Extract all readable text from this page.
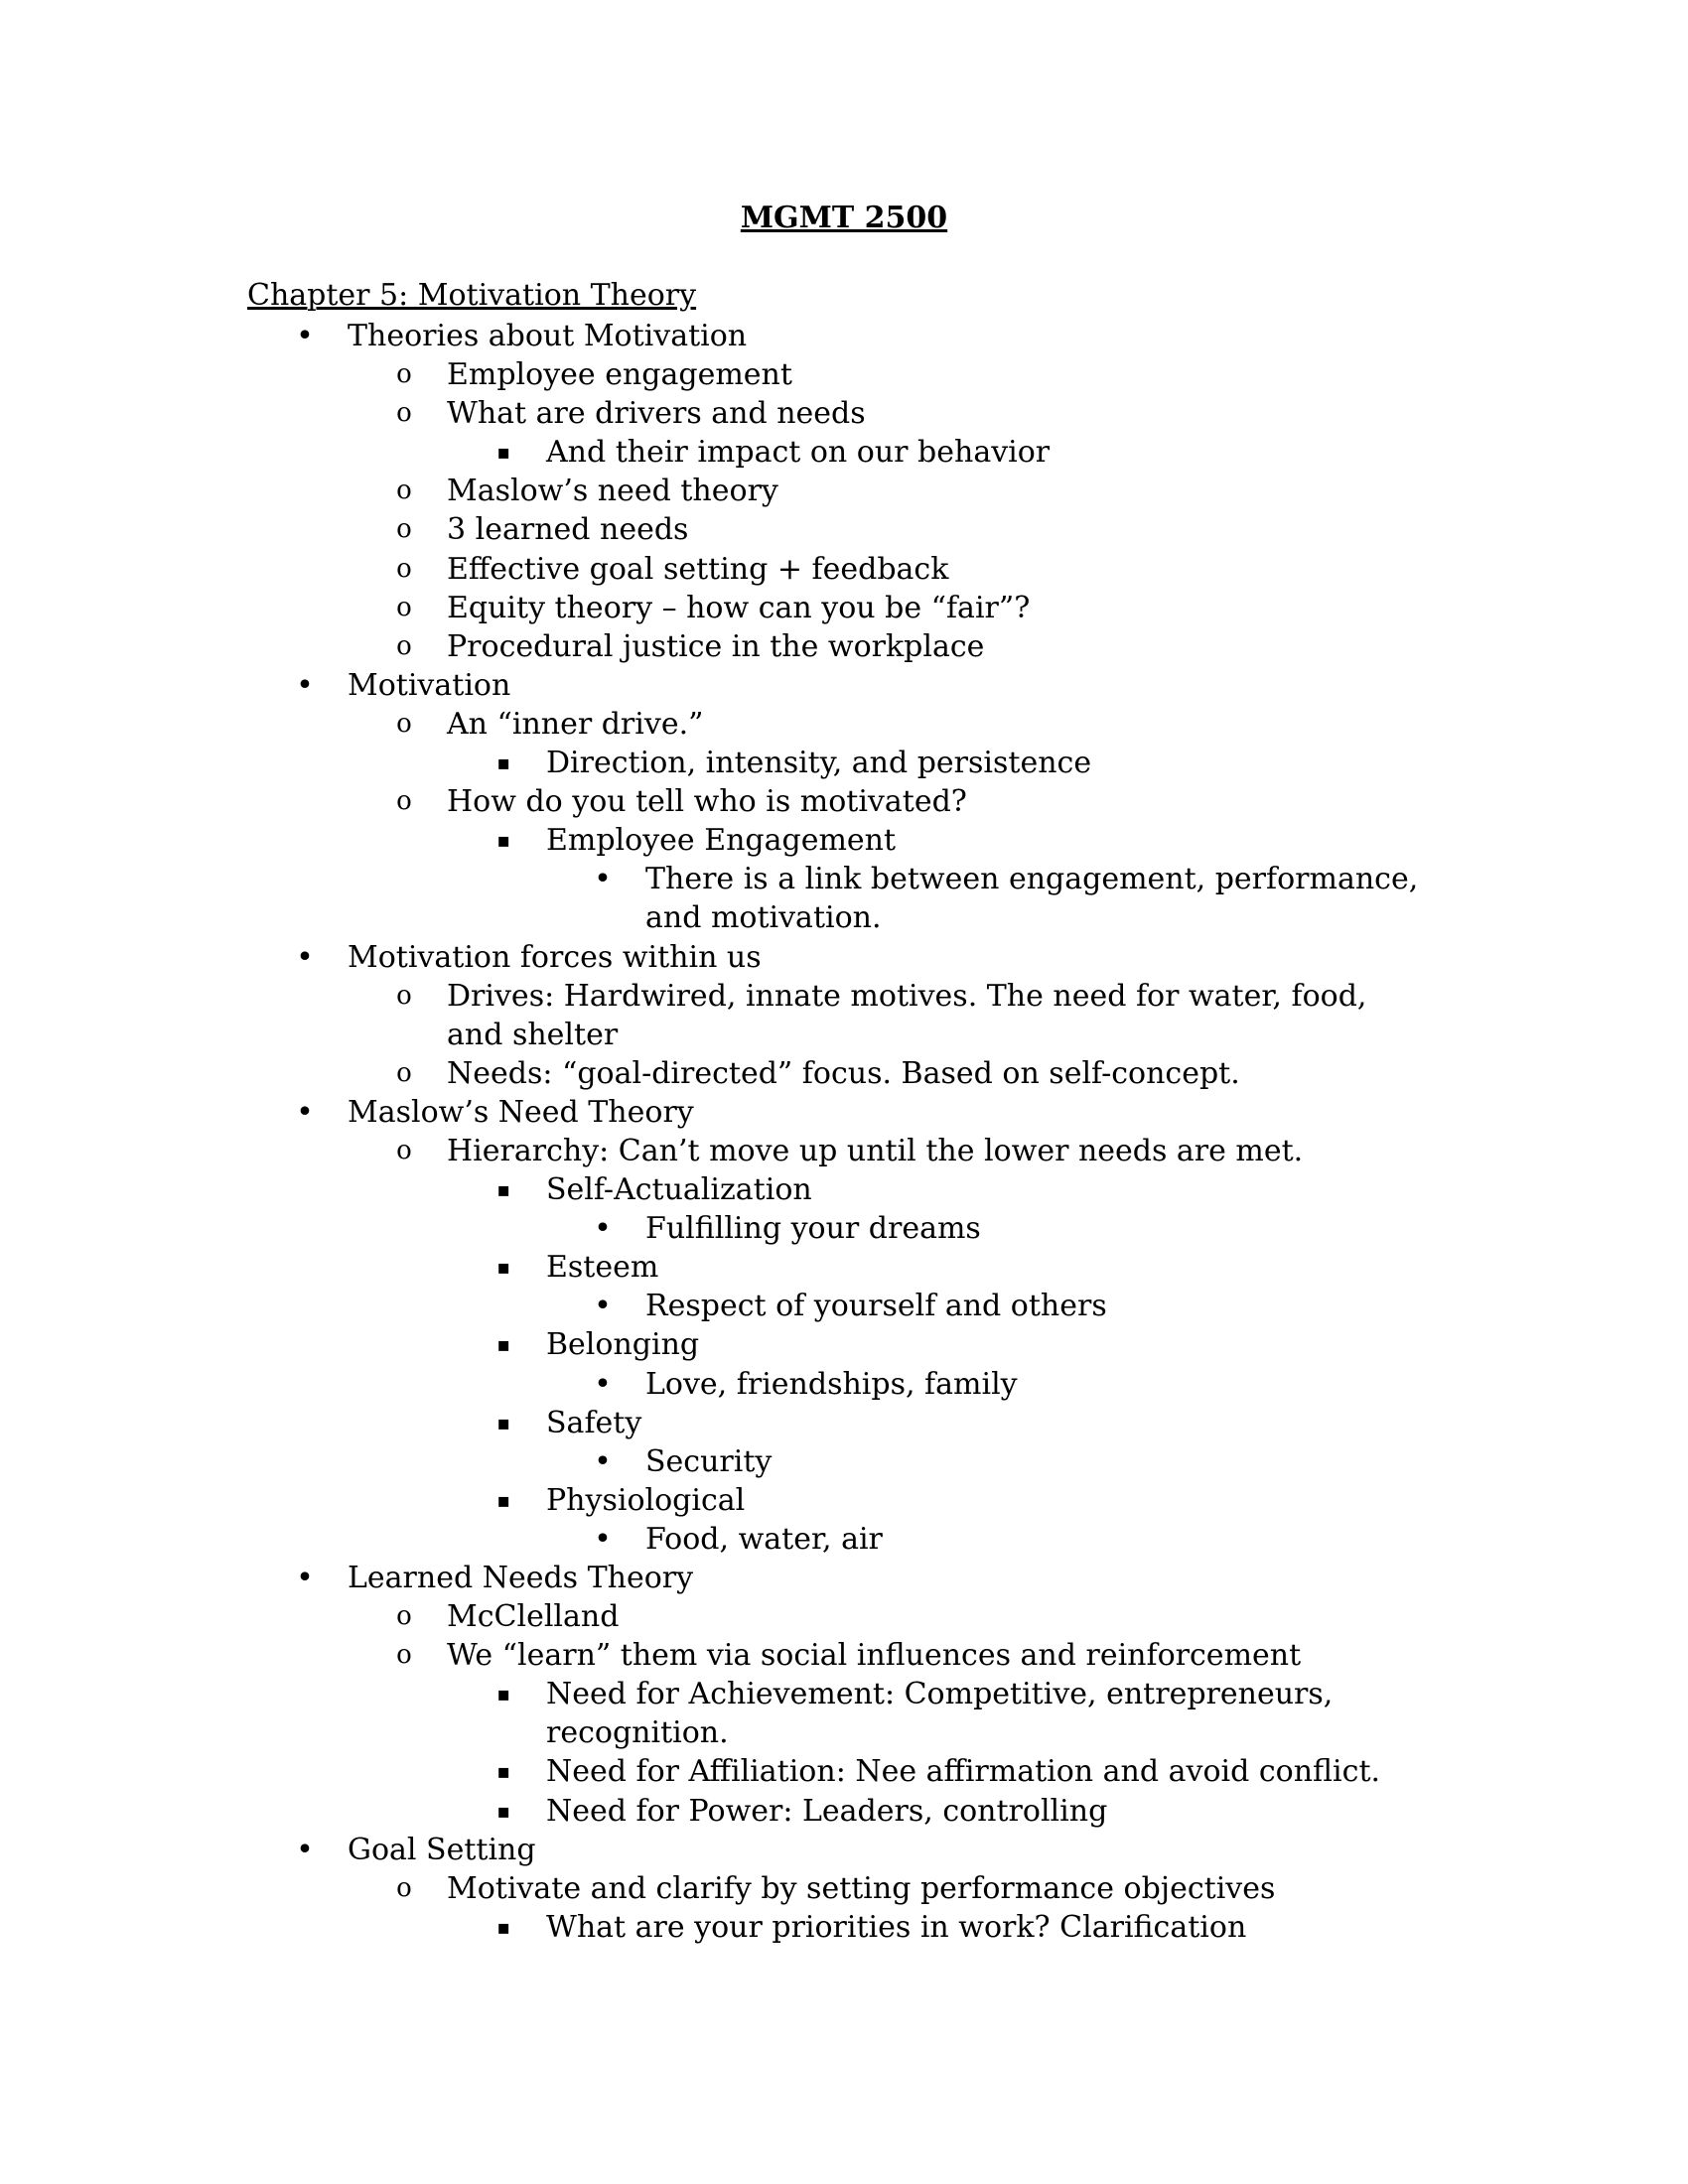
MGMT 2500
Chapter 5: Motivation Theory
• Theories about Motivation
o Employee engagement
o What are drivers and needs
▪ And their impact on our behavior
o Maslow’s need theory
o 3 learned needs
o Effective goal setting + feedback
o Equity theory – how can you be “fair”?
o Procedural justice in the workplace
• Motivation
o An “inner drive.”
▪ Direction, intensity, and persistence
o How do you tell who is motivated?
▪ Employee Engagement
• There is a link between engagement, performance, and motivation.
• Motivation forces within us
o Drives: Hardwired, innate motives. The need for water, food, and shelter
o Needs: “goal-directed” focus. Based on self-concept.
• Maslow’s Need Theory
o Hierarchy: Can’t move up until the lower needs are met.
▪ Self-Actualization
• Fulfilling your dreams
▪ Esteem
• Respect of yourself and others
▪ Belonging
• Love, friendships, family
▪ Safety
• Security
▪ Physiological
• Food, water, air
• Learned Needs Theory
o McClelland
o We “learn” them via social influences and reinforcement
▪ Need for Achievement: Competitive, entrepreneurs, recognition.
▪ Need for Affiliation: Nee affirmation and avoid conflict.
▪ Need for Power: Leaders, controlling
• Goal Setting
o Motivate and clarify by setting performance objectives
▪ What are your priorities in work? Clarification
